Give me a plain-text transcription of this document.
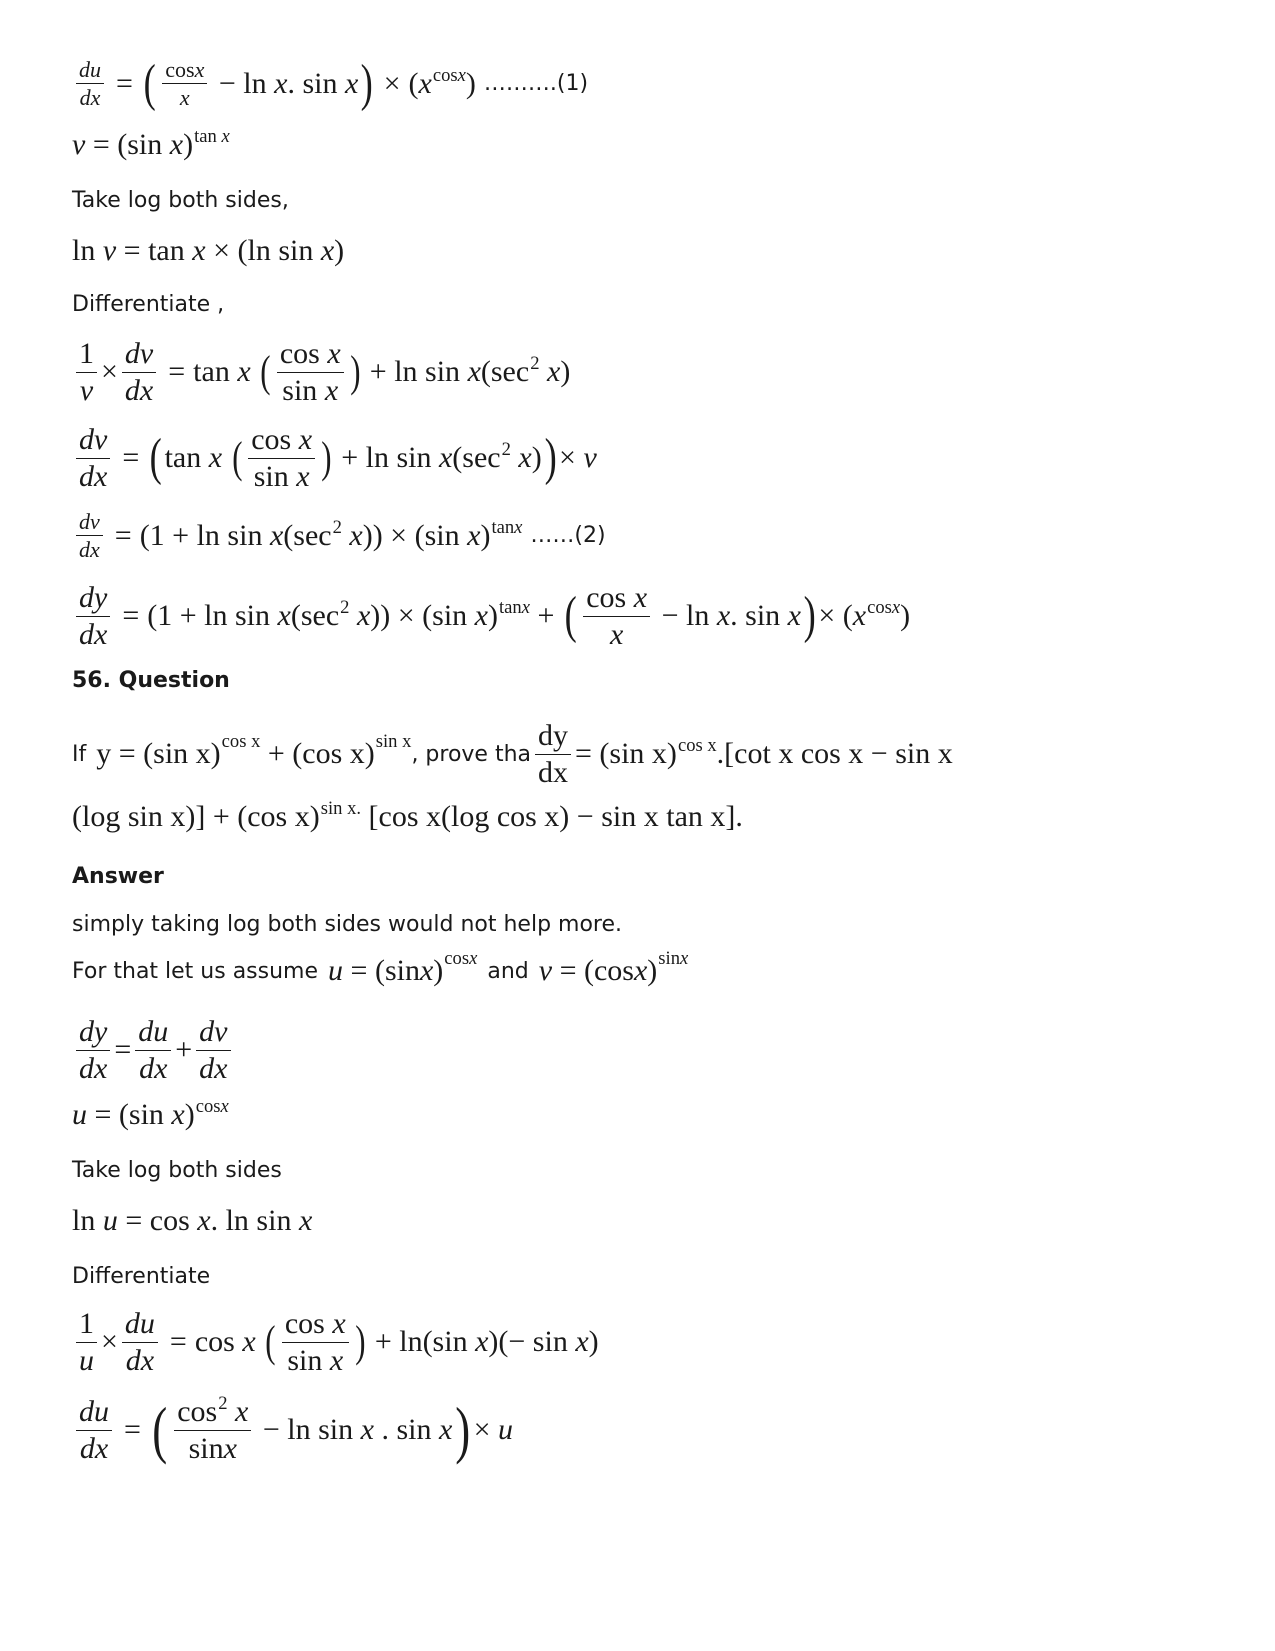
$\frac{du}{dx}$ = ( $\frac{\cos x}{x} - \ln x$. sin x ) × $(x^{cosx})$ ……….(1)
v = (sin x)$^{tan x}$
Take log both sides,
ln v = tan x × (ln sin x)
Differentiate ,
$\frac{1}{v} \times \frac{dv}{dx} = \tan x$ ( $\frac{\text{cos x}}{\text{sin x}}$ ) + $\ln \sin x(\sec^2$ x)
$\frac{dv}{dx}$ = ( tan x ( $\frac{\text{cos x}}{\text{sin x}}$ ) + $\ln \sin x(\sec^2$ x) ) × v
$\frac{dv}{dx} = (1 + \ln \sin x(\sec^2$ x)) × (sin x)$^{tanx}$ ……(2)
$\frac{dy}{dx} = (1 + \ln \sin x(\sec^2$ x)) × (sin x)$^{tanx}$ + ( $\frac{\text{cos x}}{x} - \ln x$. sin x ) × $(x^{cosx})$
56. Question
If y = (sin x) cos x + (cos x) sin x , prove tha $\frac{dy}{dx} = (\sin$ x)$^{cos x}$.[cot x cos x − sin x
(log sin x)] + (cos x)$^{sin x.}$ [cos x(log cos x) − sin x tan x].
Answer
simply taking log both sides would not help more.
For that let us assume u = (sin x ) cosx and v = (cos x ) sinx
$\frac{dy}{dx} = \frac{du}{dx} + \frac{dv}{dx}$
u = (sin x)$^{cosx}$
Take log both sides
ln u = cos x. ln sin x
Differentiate
$\frac{1}{u} \times \frac{du}{dx} = \cos x$ ( $\frac{\text{cos x}}{\text{sin x}}$ ) + ln(sin x)(− sin x)
$\frac{du}{dx}$ = ( $\frac{\cos^2 x}{\sin x} - \ln \sin x$ . sin x ) × u
